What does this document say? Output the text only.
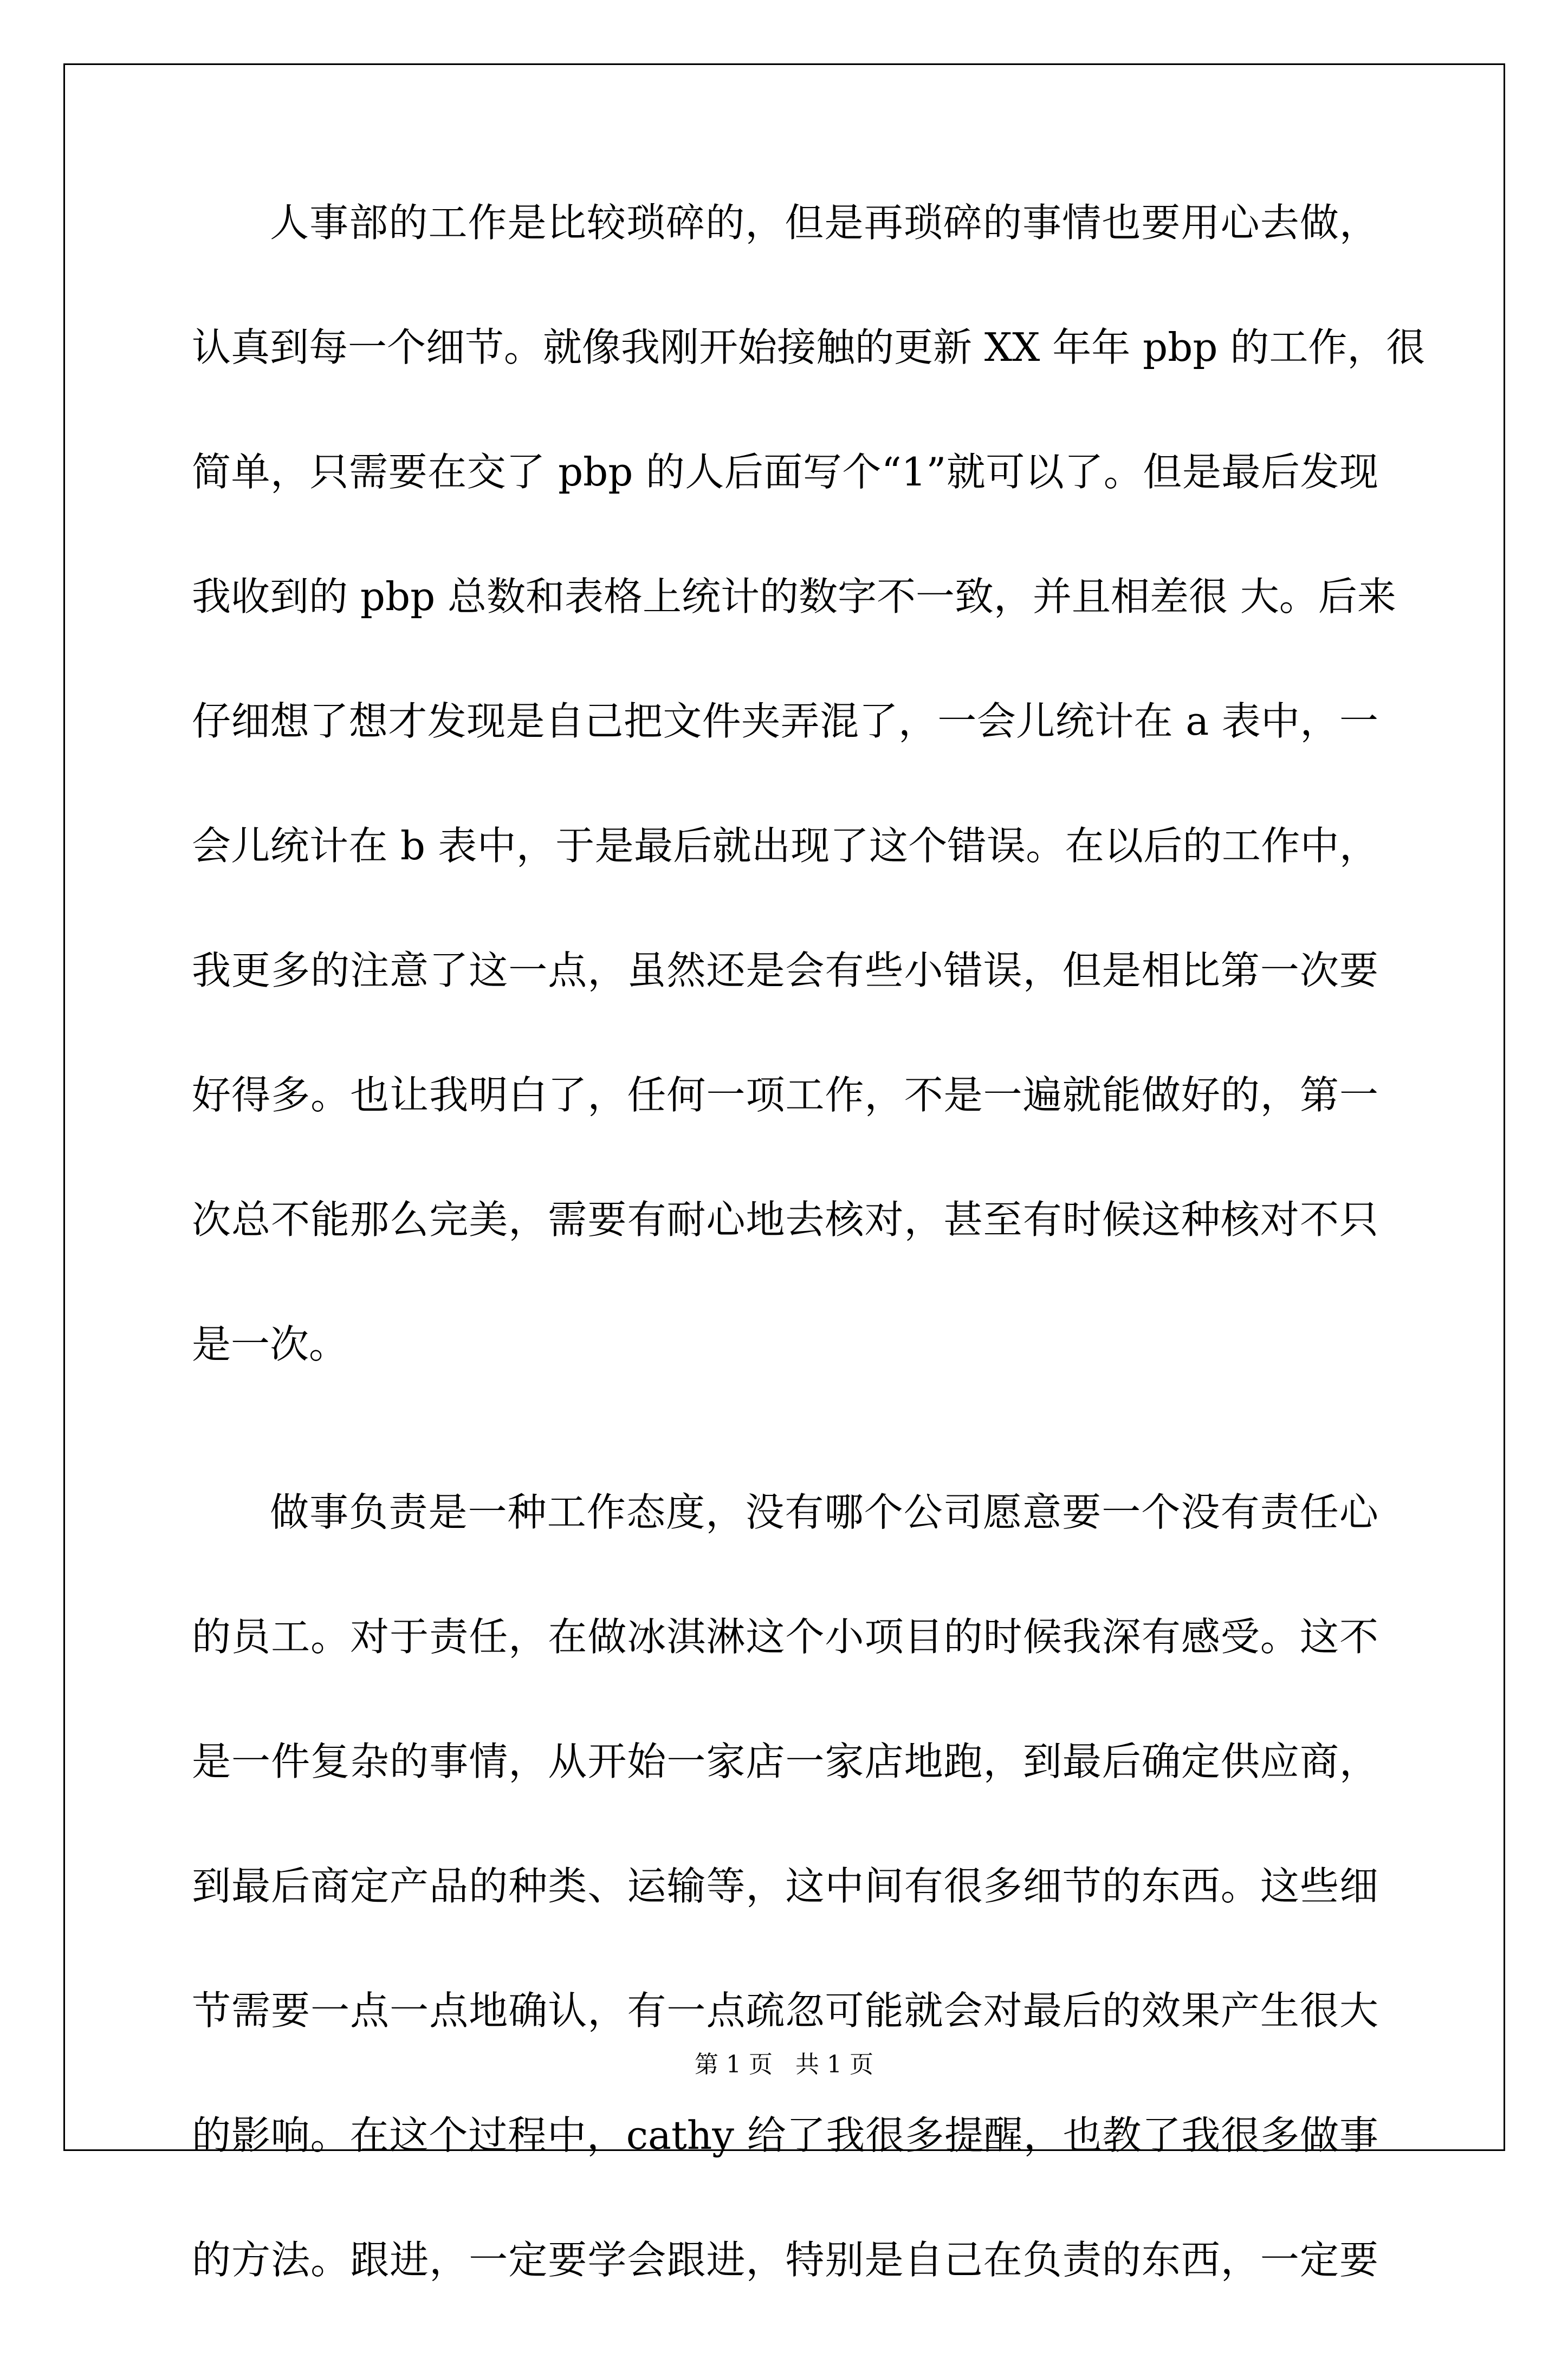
人事部的工作是比较琐碎的，但是再琐碎的事情也要用心去做，
认真到每一个细节。就像我刚开始接触的更新 XX 年年 pbp 的工作，很
简单，只需要在交了 pbp 的人后面写个“1”就可以了。但是最后发现
我收到的 pbp 总数和表格上统计的数字不一致，并且相差很 大。后来
仔细想了想才发现是自己把文件夹弄混了，一会儿统计在 a 表中，一
会儿统计在 b 表中，于是最后就出现了这个错误。在以后的工作中，
我更多的注意了这一点，虽然还是会有些小错误，但是相比第一次要
好得多。也让我明白了，任何一项工作，不是一遍就能做好的，第一
次总不能那么完美，需要有耐心地去核对，甚至有时候这种核对不只
是一次。
做事负责是一种工作态度，没有哪个公司愿意要一个没有责任心
的员工。对于责任，在做冰淇淋这个小项目的时候我深有感受。这不
是一件复杂的事情，从开始一家店一家店地跑，到最后确定供应商，
到最后商定产品的种类、运输等，这中间有很多细节的东西。这些细
节需要一点一点地确认，有一点疏忽可能就会对最后的效果产生很大
的影响。在这个过程中，cathy 给了我很多提醒，也教了我很多做事
的方法。跟进，一定要学会跟进，特别是自己在负责的东西，一定要
第 1 页   共 1 页
